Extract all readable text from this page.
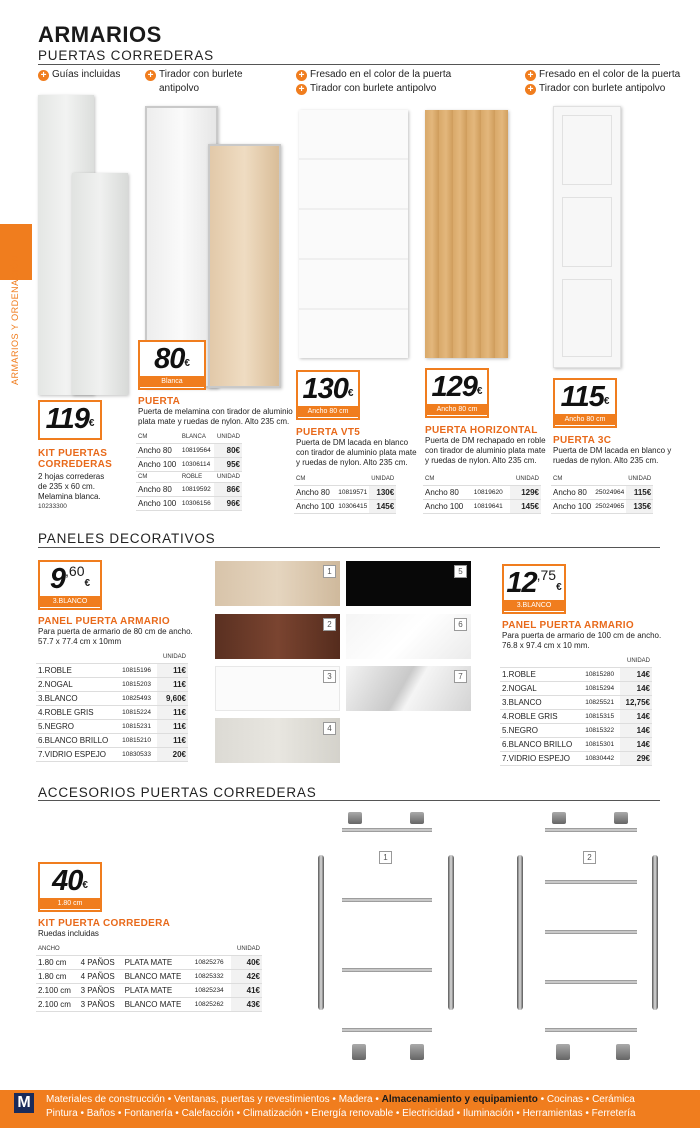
ARMARIOS
PUERTAS CORREDERAS
ARMARIOS Y ORDENACIÓN
+ Guías incluidas	+ Tirador con burlete
antipolvo
+ Fresado en el color de la puerta
+ Tirador con burlete antipolvo
+ Fresado en el color de la puerta
+ Tirador con burlete antipolvo
119€
KIT PUERTAS
CORREDERAS
2 hojas correderas
de 235 x 60 cm.
Melamina blanca.
10233300
80€
Blanca
PUERTA
Puerta de melamina con tirador de aluminio
plata mate y ruedas de nylon. Alto 235 cm.
CM	BLANCA	UNIDAD
Ancho 80	10819564	80€
Ancho 100	10306114	95€
CM	ROBLE	UNIDAD
Ancho 80	10819592	86€
Ancho 100	10306156	96€
130€
Ancho 80 cm
PUERTA VT5
Puerta de DM lacada en blanco
con tirador de aluminio plata mate
y ruedas de nylon. Alto 235 cm.
CM		UNIDAD
Ancho 80	10819571	130€
Ancho 100	10306415	145€
129€
Ancho 80 cm
PUERTA HORIZONTAL
Puerta de DM rechapado en roble
con tirador de aluminio plata mate
y ruedas de nylon. Alto 235 cm.
CM		UNIDAD
Ancho 80	10819620	129€
Ancho 100	10819641	145€
115€
Ancho 80 cm
PUERTA 3C
Puerta de DM lacada en blanco y
ruedas de nylon. Alto 235 cm.
CM		UNIDAD
Ancho 80	25024964	115€
Ancho 100	25024965	135€
PANELES DECORATIVOS
9,60€
3.BLANCO
PANEL PUERTA ARMARIO
Para puerta de armario de 80 cm de ancho.
57.7 x 77.4 cm x 10mm
		UNIDAD
1.ROBLE	10815196	11€
2.NOGAL	10815203	11€
3.BLANCO	10825493	9,60€
4.ROBLE GRIS	10815224	11€
5.NEGRO	10815231	11€
6.BLANCO BRILLO	10815210	11€
7.VIDRIO ESPEJO	10830533	20€
1
2
3
4
5
6
7
12,75€
3.BLANCO
PANEL PUERTA ARMARIO
Para puerta de armario de 100 cm de ancho.
76.8 x 97.4 cm x 10 mm.
		UNIDAD
1.ROBLE	10815280	14€
2.NOGAL	10815294	14€
3.BLANCO	10825521	12,75€
4.ROBLE GRIS	10815315	14€
5.NEGRO	10815322	14€
6.BLANCO BRILLO	10815301	14€
7.VIDRIO ESPEJO	10830442	29€
ACCESORIOS PUERTAS CORREDERAS
40€
1.80 cm
KIT PUERTA CORREDERA
Ruedas incluidas
ANCHO				UNIDAD
1.80 cm	4 PAÑOS	PLATA MATE	10825276	40€
1.80 cm	4 PAÑOS	BLANCO MATE	10825332	42€
2.100 cm	3 PAÑOS	PLATA MATE	10825234	41€
2.100 cm	3 PAÑOS	BLANCO MATE	10825262	43€
1	2
M	Materiales de construcción • Ventanas, puertas y revestimientos • Madera • Almacenamiento y equipamiento • Cocinas • Cerámica
Pintura • Baños • Fontanería • Calefacción • Climatización • Energía renovable • Electricidad • Iluminación • Herramientas • Ferretería
